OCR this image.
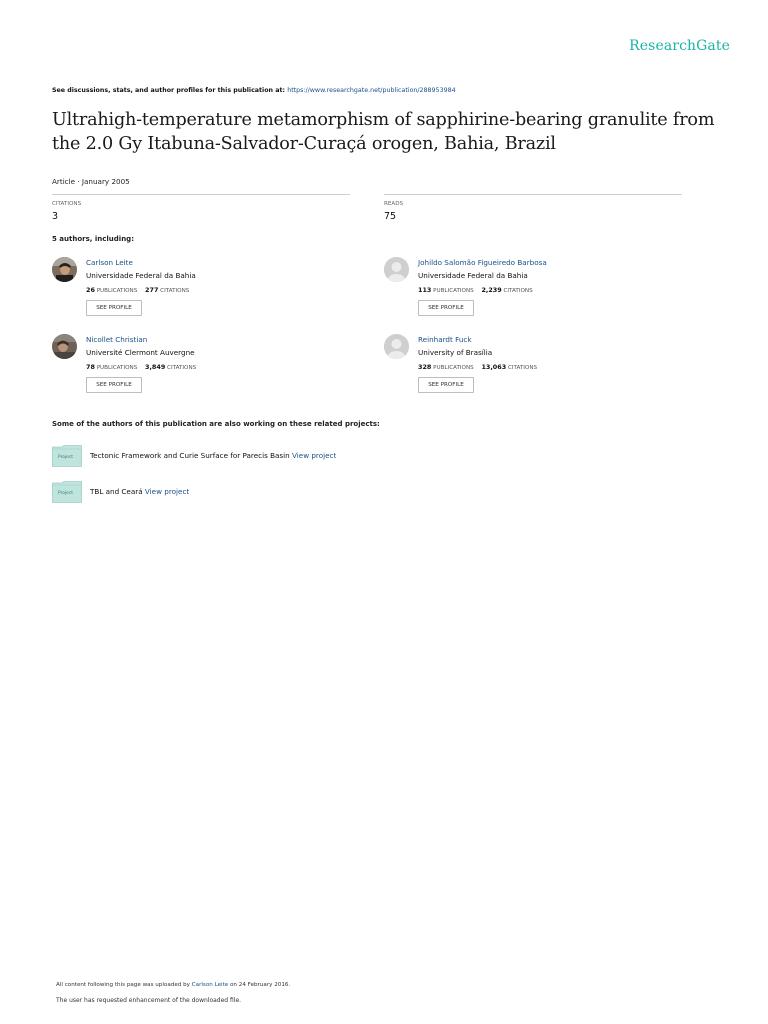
ResearchGate
See discussions, stats, and author profiles for this publication at: https://www.researchgate.net/publication/288953984
Ultrahigh-temperature metamorphism of sapphirine-bearing granulite from the 2.0 Gy Itabuna-Salvador-Curaçá orogen, Bahia, Brazil
Article · January 2005
CITATIONS
3
READS
75
5 authors, including:
Carlson Leite
Universidade Federal da Bahia
26 PUBLICATIONS 277 CITATIONS
SEE PROFILE
Johildo Salomão Figueiredo Barbosa
Universidade Federal da Bahia
113 PUBLICATIONS 2,239 CITATIONS
SEE PROFILE
Nicollet Christian
Université Clermont Auvergne
78 PUBLICATIONS 3,849 CITATIONS
SEE PROFILE
Reinhardt Fuck
University of Brasília
328 PUBLICATIONS 13,063 CITATIONS
SEE PROFILE
Some of the authors of this publication are also working on these related projects:
Project Tectonic Framework and Curie Surface for Parecis Basin View project
Project TBL and Ceará View project
All content following this page was uploaded by Carlson Leite on 24 February 2016.
The user has requested enhancement of the downloaded file.
